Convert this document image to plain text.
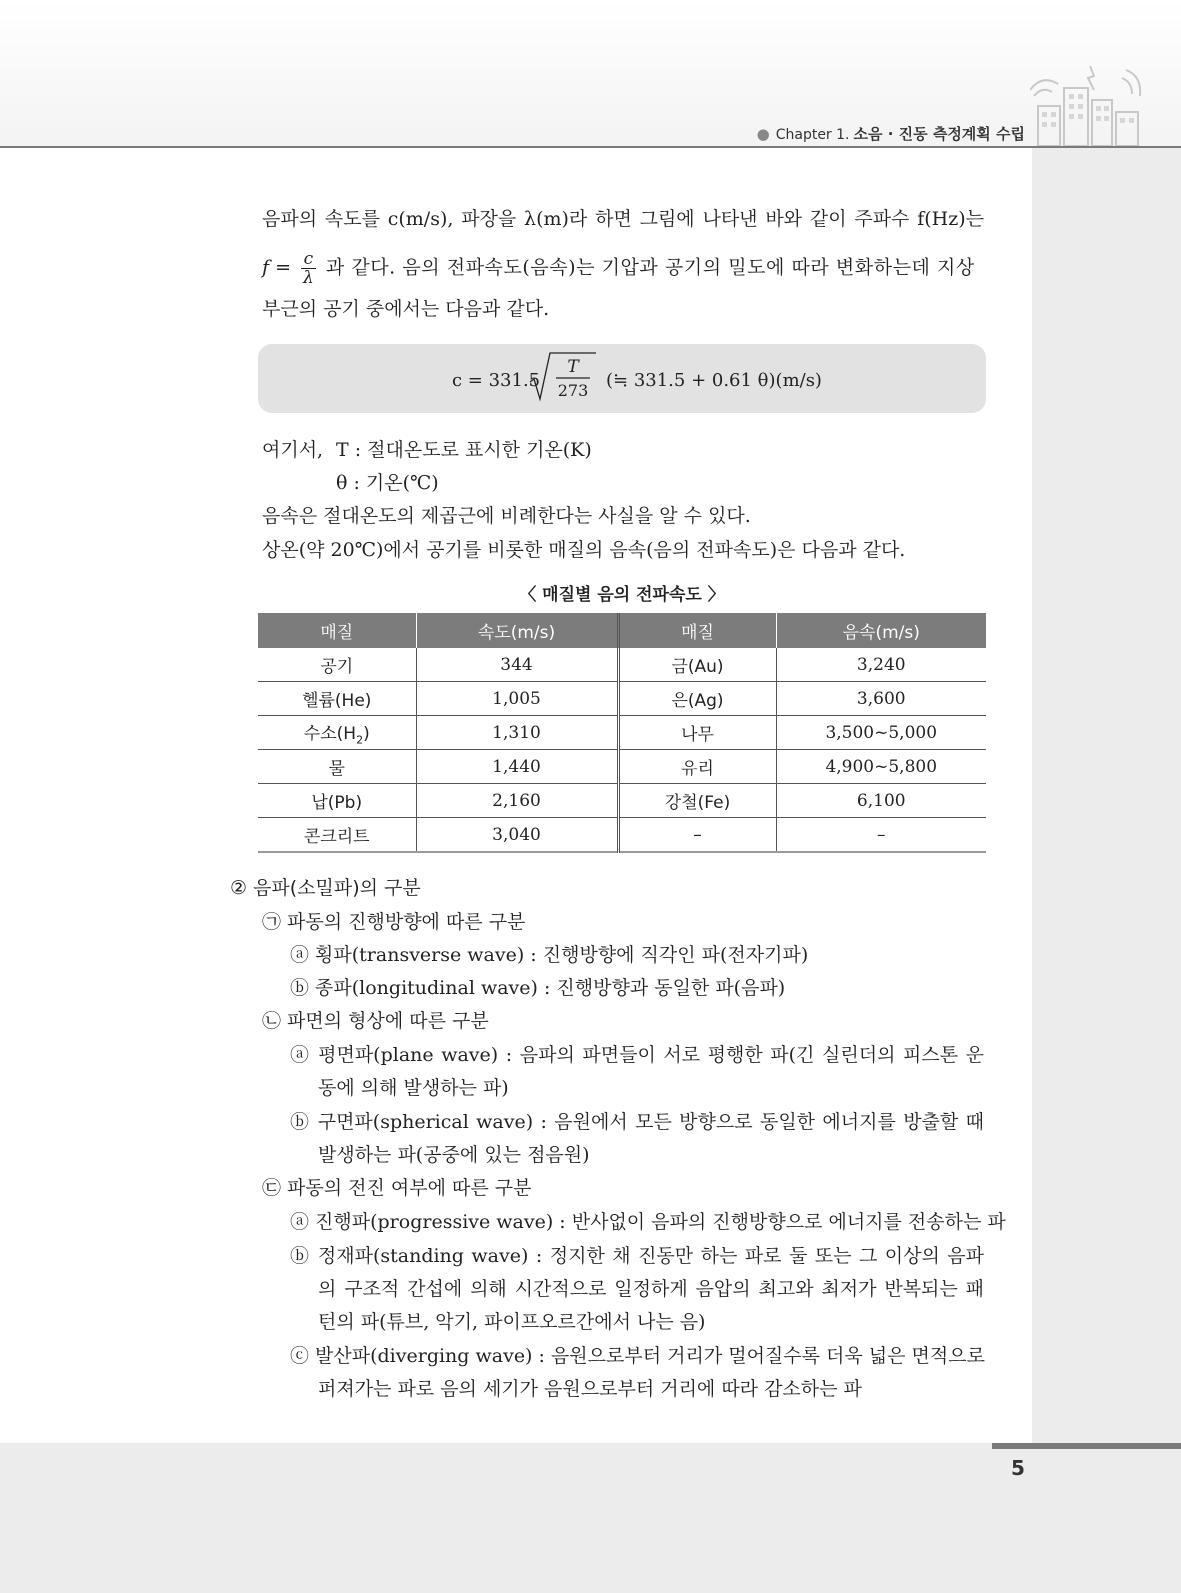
● Chapter 1. 소음 · 진동 측정계획 수립
음파의 속도를 c(m/s), 파장을 λ(m)라 하면 그림에 나타낸 바와 같이 주파수 f(Hz)는
$f = \frac{c}{\lambda}$ 과 같다. 음의 전파속도(음속)는 기압과 공기의 밀도에 따라 변화하는데 지상
부근의 공기 중에서는 다음과 같다.
c = 331.5
T
273 (≒ 331.5 + 0.61 θ)(m/s)
여기서, T : 절대온도로 표시한 기온(K)
θ : 기온(℃)
음속은 절대온도의 제곱근에 비례한다는 사실을 알 수 있다.
상온(약 20℃)에서 공기를 비롯한 매질의 음속(음의 전파속도)은 다음과 같다.
〈 매질별 음의 전파속도 〉
매질	속도(m/s)	매질	음속(m/s)
공기	344	금(Au)	3,240
헬륨(He)	1,005	은(Ag)	3,600
수소$(H_2)$	1,310	나무	3,500~5,000
물	1,440	유리	4,900~5,800
납(Pb)	2,160	강철(Fe)	6,100
콘크리트	3,040	–	–
② 음파(소밀파)의 구분
㉠ 파동의 진행방향에 따른 구분
ⓐ 횡파(transverse wave) : 진행방향에 직각인 파(전자기파)
ⓑ 종파(longitudinal wave) : 진행방향과 동일한 파(음파)
㉡ 파면의 형상에 따른 구분
ⓐ 평면파(plane wave) : 음파의 파면들이 서로 평행한 파(긴 실린더의 피스톤 운
동에 의해 발생하는 파)
ⓑ 구면파(spherical wave) : 음원에서 모든 방향으로 동일한 에너지를 방출할 때
발생하는 파(공중에 있는 점음원)
㉢ 파동의 전진 여부에 따른 구분
ⓐ 진행파(progressive wave) : 반사없이 음파의 진행방향으로 에너지를 전송하는 파
ⓑ 정재파(standing wave) : 정지한 채 진동만 하는 파로 둘 또는 그 이상의 음파
의 구조적 간섭에 의해 시간적으로 일정하게 음압의 최고와 최저가 반복되는 패
턴의 파(튜브, 악기, 파이프오르간에서 나는 음)
ⓒ 발산파(diverging wave) : 음원으로부터 거리가 멀어질수록 더욱 넓은 면적으로
퍼져가는 파로 음의 세기가 음원으로부터 거리에 따라 감소하는 파
5
